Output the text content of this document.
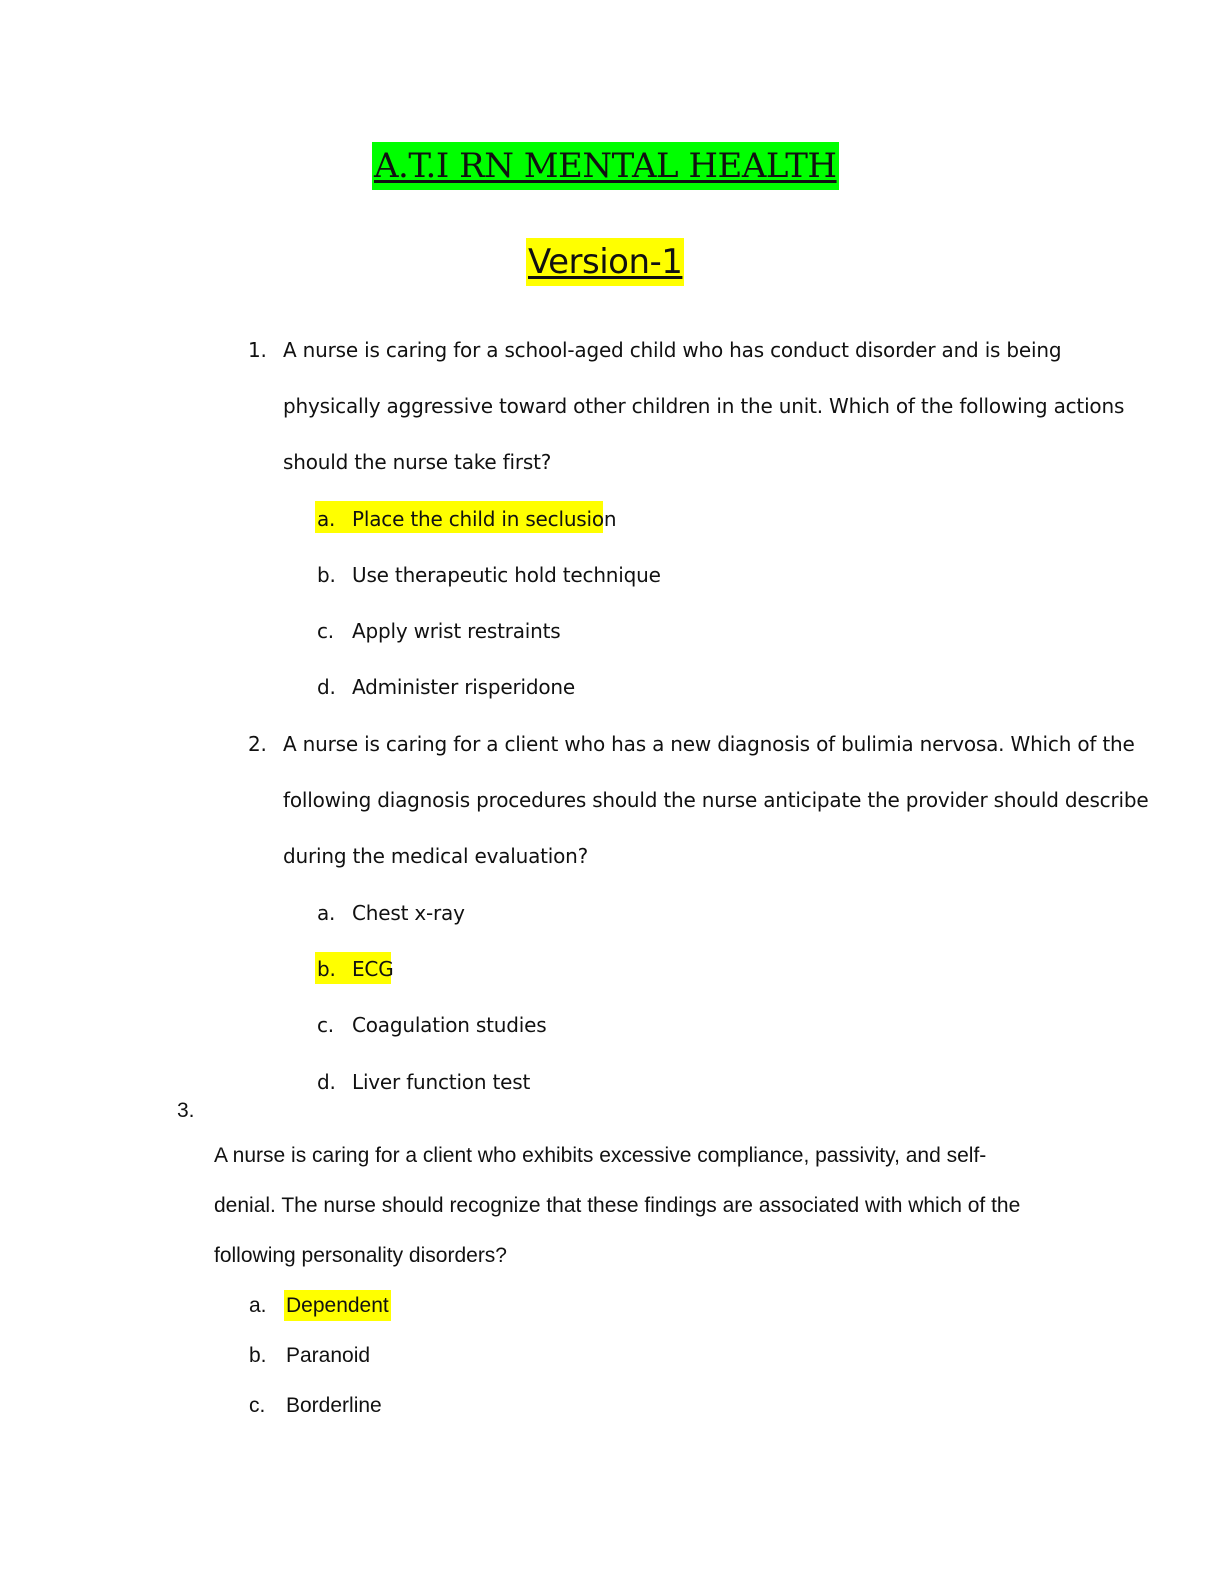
A.T.I RN MENTAL HEALTH
Version-1
1. A nurse is caring for a school-aged child who has conduct disorder and is being
physically aggressive toward other children in the unit. Which of the following actions
should the nurse take first?
a. Place the child in seclusion
b. Use therapeutic hold technique
c. Apply wrist restraints
d. Administer risperidone
2. A nurse is caring for a client who has a new diagnosis of bulimia nervosa. Which of the
following diagnosis procedures should the nurse anticipate the provider should describe
during the medical evaluation?
a. Chest x-ray
b. ECG
c. Coagulation studies
d. Liver function test
3.
A nurse is caring for a client who exhibits excessive compliance, passivity, and self-
denial. The nurse should recognize that these findings are associated with which of the
following personality disorders?
a. Dependent
b. Paranoid
c. Borderline
